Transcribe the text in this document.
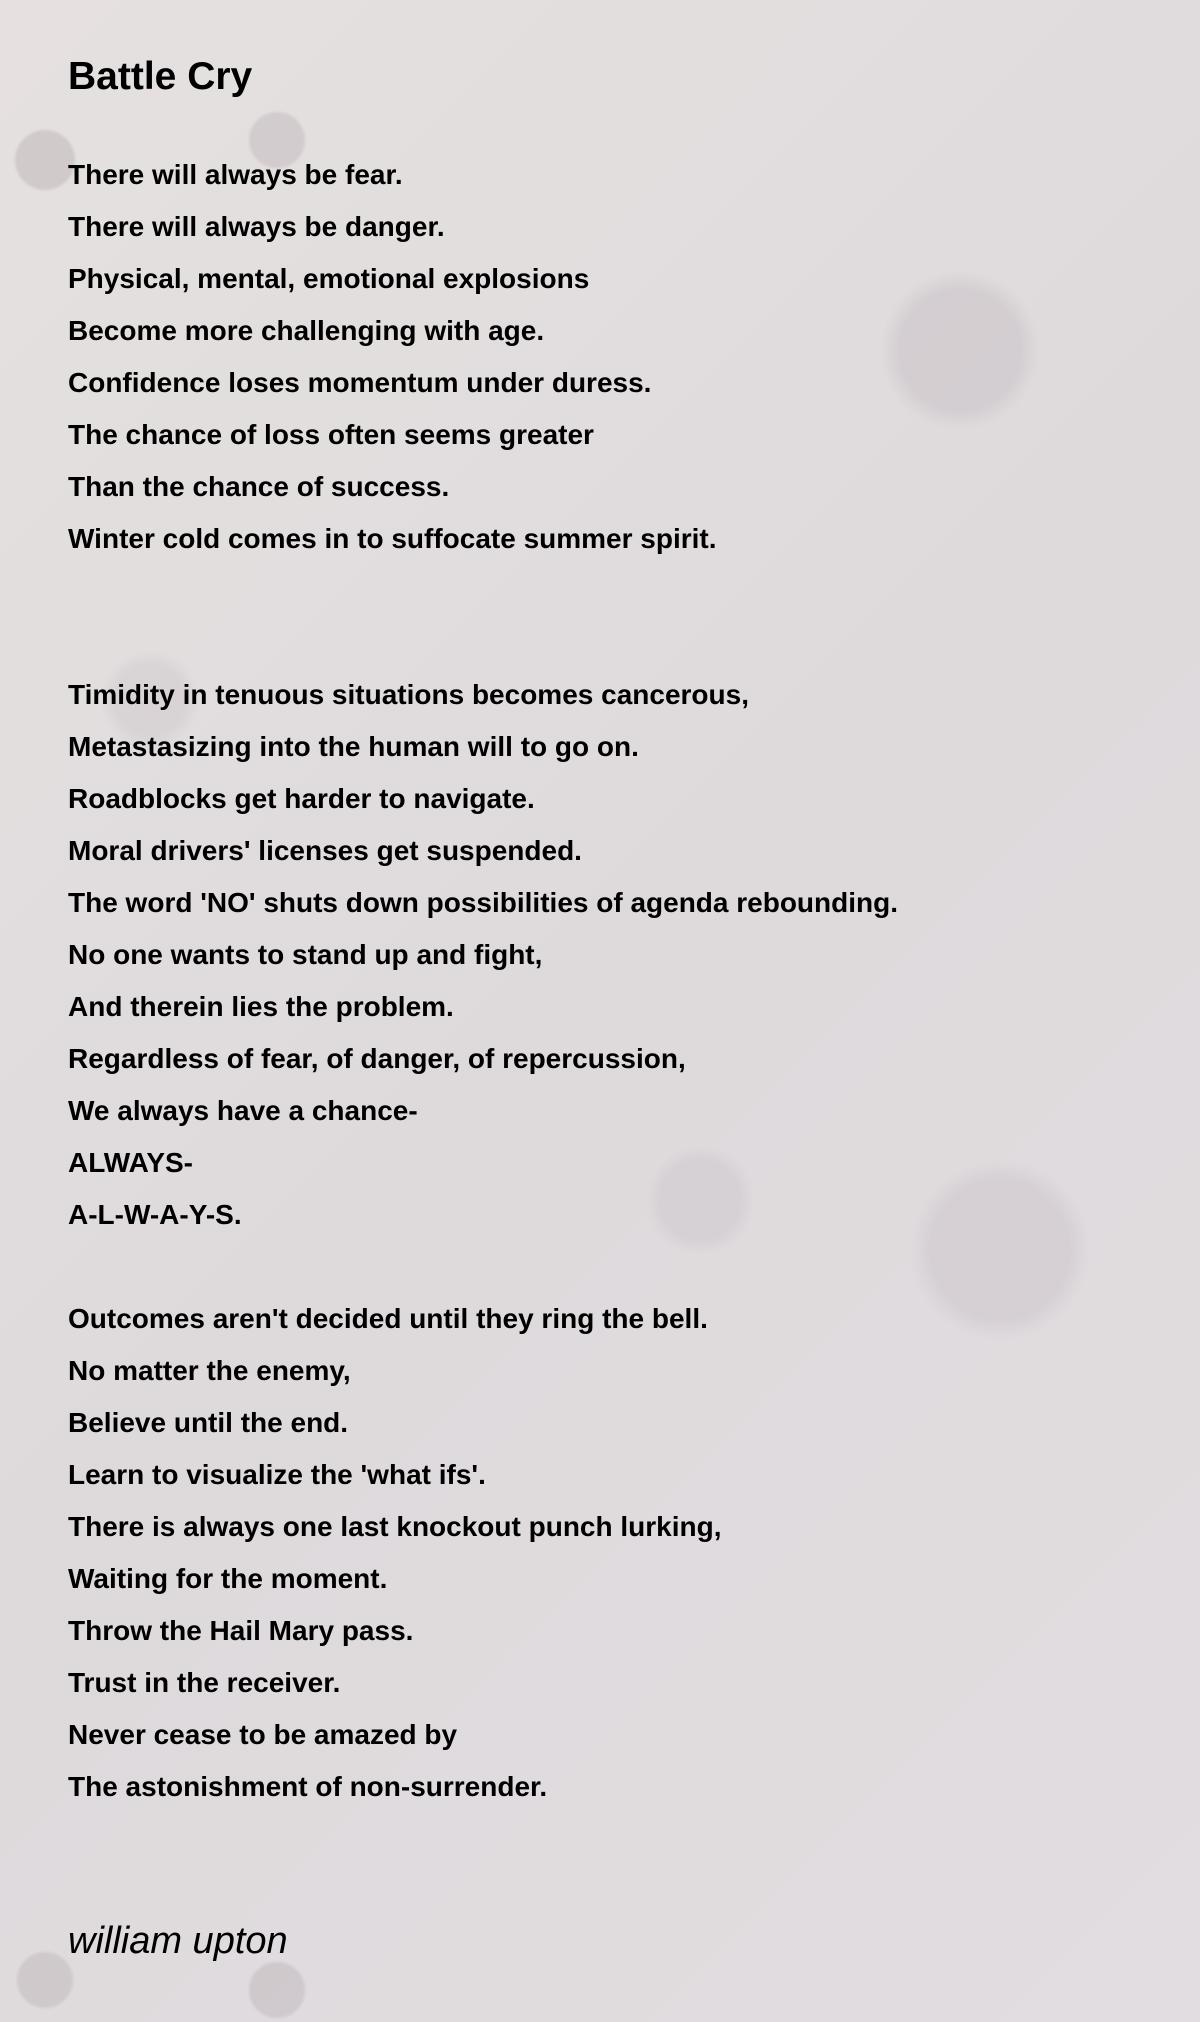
Battle Cry
There will always be fear.
There will always be danger.
Physical, mental, emotional explosions
Become more challenging with age.
Confidence loses momentum under duress.
The chance of loss often seems greater
Than the chance of success.
Winter cold comes in to suffocate summer spirit.
Timidity in tenuous situations becomes cancerous,
Metastasizing into the human will to go on.
Roadblocks get harder to navigate.
Moral drivers' licenses get suspended.
The word 'NO' shuts down possibilities of agenda rebounding.
No one wants to stand up and fight,
And therein lies the problem.
Regardless of fear, of danger, of repercussion,
We always have a chance-
ALWAYS-
A-L-W-A-Y-S.
Outcomes aren't decided until they ring the bell.
No matter the enemy,
Believe until the end.
Learn to visualize the 'what ifs'.
There is always one last knockout punch lurking,
Waiting for the moment.
Throw the Hail Mary pass.
Trust in the receiver.
Never cease to be amazed by
The astonishment of non-surrender.
william upton
